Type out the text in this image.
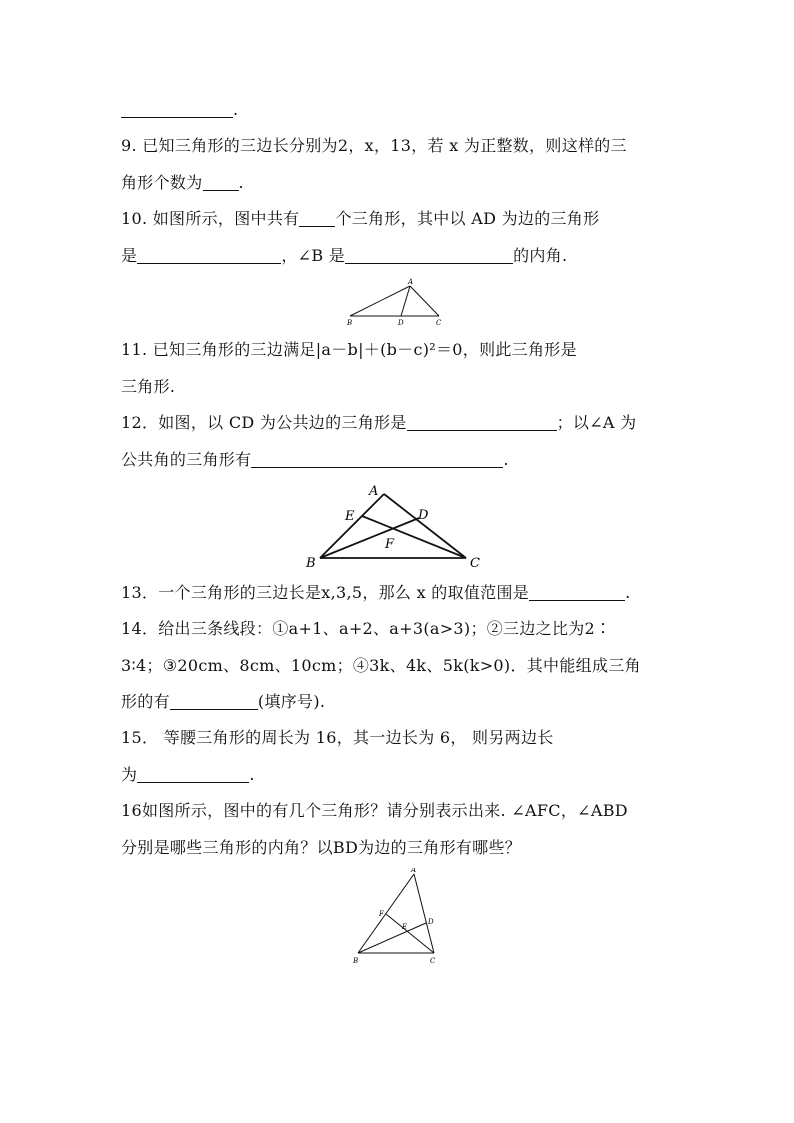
.
9. 已知三角形的三边长分别为2，x，13，若 x 为正整数，则这样的三
角形个数为 .
10. 如图所示，图中共有 个三角形，其中以 AD 为边的三角形
是	，∠B 是	的内角.
A
B	D	C
11. 已知三角形的三边满足|a－b|＋(b－c)²＝0，则此三角形是
三角形.
12．如图，以 CD 为公共边的三角形是	；以∠A 为
公共角的三角形有	.
A
E	D
F
B	C
13．一个三角形的三边长是x,3,5，那么 x 的取值范围是	.
14．给出三条线段：①a+1、a+2、a+3(a>3)；②三边之比为2∶
3∶4；③20cm、8cm、10cm；④3k、4k、5k(k>0)．其中能组成三角
形的有	(填序号).
15． 等腰三角形的周长为 16，其一边长为 6， 则另两边长
为	.
16如图所示，图中的有几个三角形？请分别表示出来. ∠AFC，∠ABD
分别是哪些三角形的内角？以BD为边的三角形有哪些？
A
F
E
D
B	C
